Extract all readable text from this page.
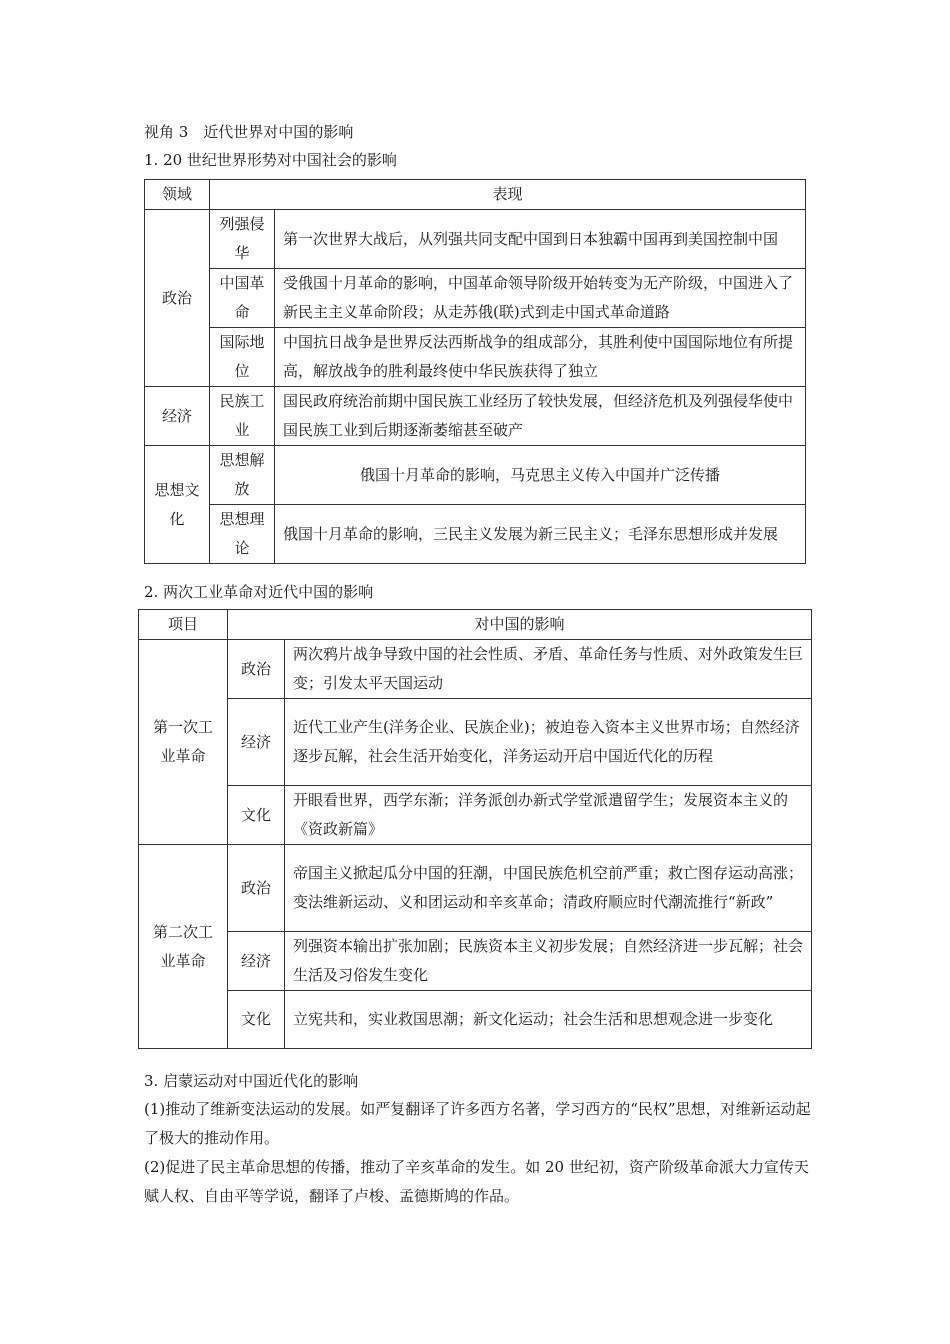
视角 3　近代世界对中国的影响
1. 20 世纪世界形势对中国社会的影响
领域	表现	
政治	列强侵华	第一次世界大战后，从列强共同支配中国到日本独霸中国再到美国控制中国
	中国革命	受俄国十月革命的影响，中国革命领导阶级开始转变为无产阶级，中国进入了新民主主义革命阶段；从走苏俄(联)式到走中国式革命道路
	国际地位	中国抗日战争是世界反法西斯战争的组成部分，其胜利使中国国际地位有所提高，解放战争的胜利最终使中华民族获得了独立
经济	民族工业	国民政府统治前期中国民族工业经历了较快发展，但经济危机及列强侵华使中国民族工业到后期逐渐萎缩甚至破产
思想文化	思想解放	俄国十月革命的影响，马克思主义传入中国并广泛传播
	思想理论	俄国十月革命的影响，三民主义发展为新三民主义；毛泽东思想形成并发展
2. 两次工业革命对近代中国的影响
项目	对中国的影响	
第一次工业革命	政治	两次鸦片战争导致中国的社会性质、矛盾、革命任务与性质、对外政策发生巨变；引发太平天国运动
	经济	近代工业产生(洋务企业、民族企业)；被迫卷入资本主义世界市场；自然经济逐步瓦解，社会生活开始变化，洋务运动开启中国近代化的历程
	文化	开眼看世界，西学东渐；洋务派创办新式学堂派遣留学生；发展资本主义的《资政新篇》
第二次工业革命	政治	帝国主义掀起瓜分中国的狂潮，中国民族危机空前严重；救亡图存运动高涨；变法维新运动、义和团运动和辛亥革命；清政府顺应时代潮流推行“新政”
	经济	列强资本输出扩张加剧；民族资本主义初步发展；自然经济进一步瓦解；社会生活及习俗发生变化
	文化	立宪共和，实业救国思潮；新文化运动；社会生活和思想观念进一步变化
3. 启蒙运动对中国近代化的影响
(1)推动了维新变法运动的发展。如严复翻译了许多西方名著，学习西方的“民权”思想，对维新运动起了极大的推动作用。
(2)促进了民主革命思想的传播，推动了辛亥革命的发生。如 20 世纪初，资产阶级革命派大力宣传天赋人权、自由平等学说，翻译了卢梭、孟德斯鸠的作品。
